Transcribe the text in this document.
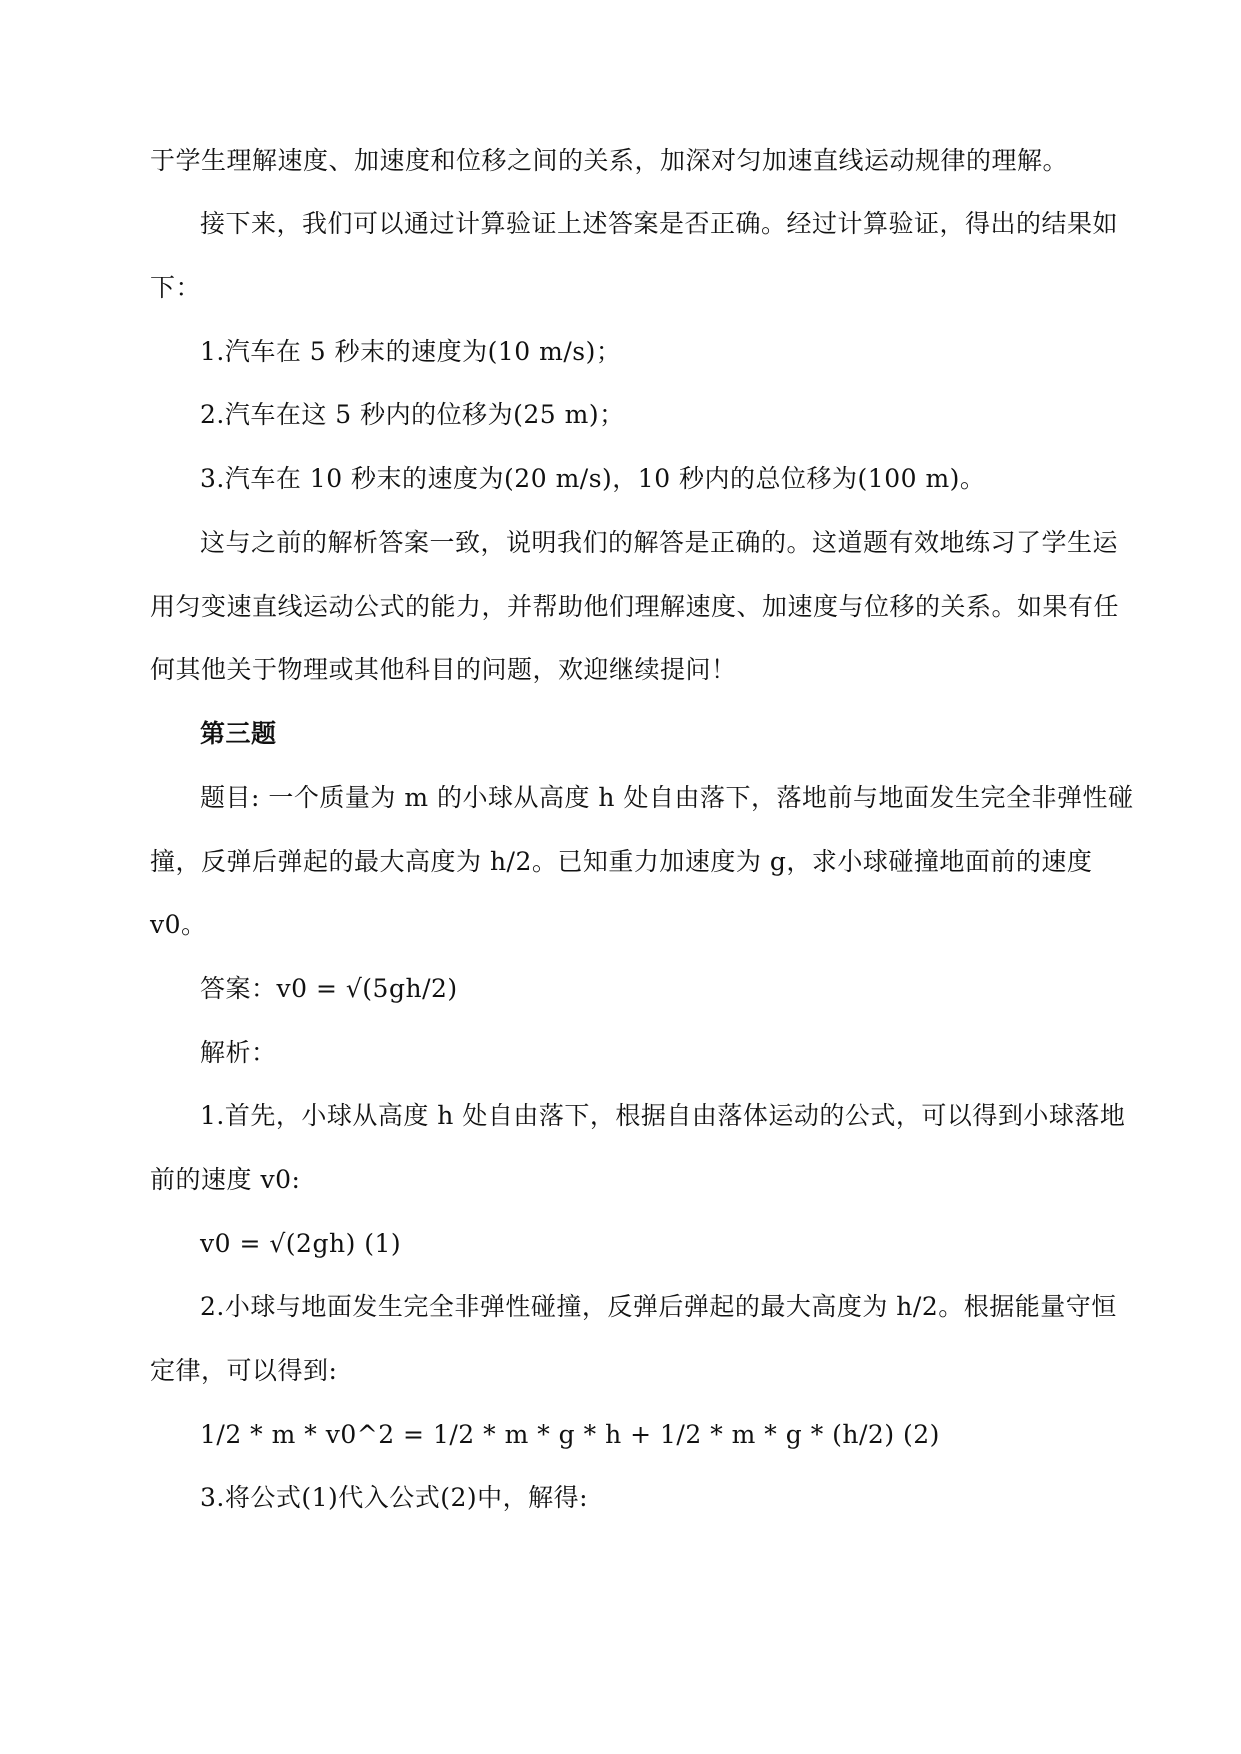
于学生理解速度、加速度和位移之间的关系，加深对匀加速直线运动规律的理解。

接下来，我们可以通过计算验证上述答案是否正确。经过计算验证，得出的结果如

下：

1.汽车在 5 秒末的速度为(10 m/s)；

2.汽车在这 5 秒内的位移为(25 m)；

3.汽车在 10 秒末的速度为(20 m/s)，10 秒内的总位移为(100 m)。

这与之前的解析答案一致，说明我们的解答是正确的。这道题有效地练习了学生运

用匀变速直线运动公式的能力，并帮助他们理解速度、加速度与位移的关系。如果有任

何其他关于物理或其他科目的问题，欢迎继续提问！

第三题

题目: 一个质量为 m 的小球从高度 h 处自由落下，落地前与地面发生完全非弹性碰

撞，反弹后弹起的最大高度为 h/2。已知重力加速度为 g，求小球碰撞地面前的速度

v0。

答案：v0 = √(5gh/2)

解析：

1.首先，小球从高度 h 处自由落下，根据自由落体运动的公式，可以得到小球落地

前的速度 v0:

v0 = √(2gh) (1)

2.小球与地面发生完全非弹性碰撞，反弹后弹起的最大高度为 h/2。根据能量守恒

定律，可以得到:

1/2 * m * v0^2 = 1/2 * m * g * h + 1/2 * m * g * (h/2) (2)

3.将公式(1)代入公式(2)中，解得:
